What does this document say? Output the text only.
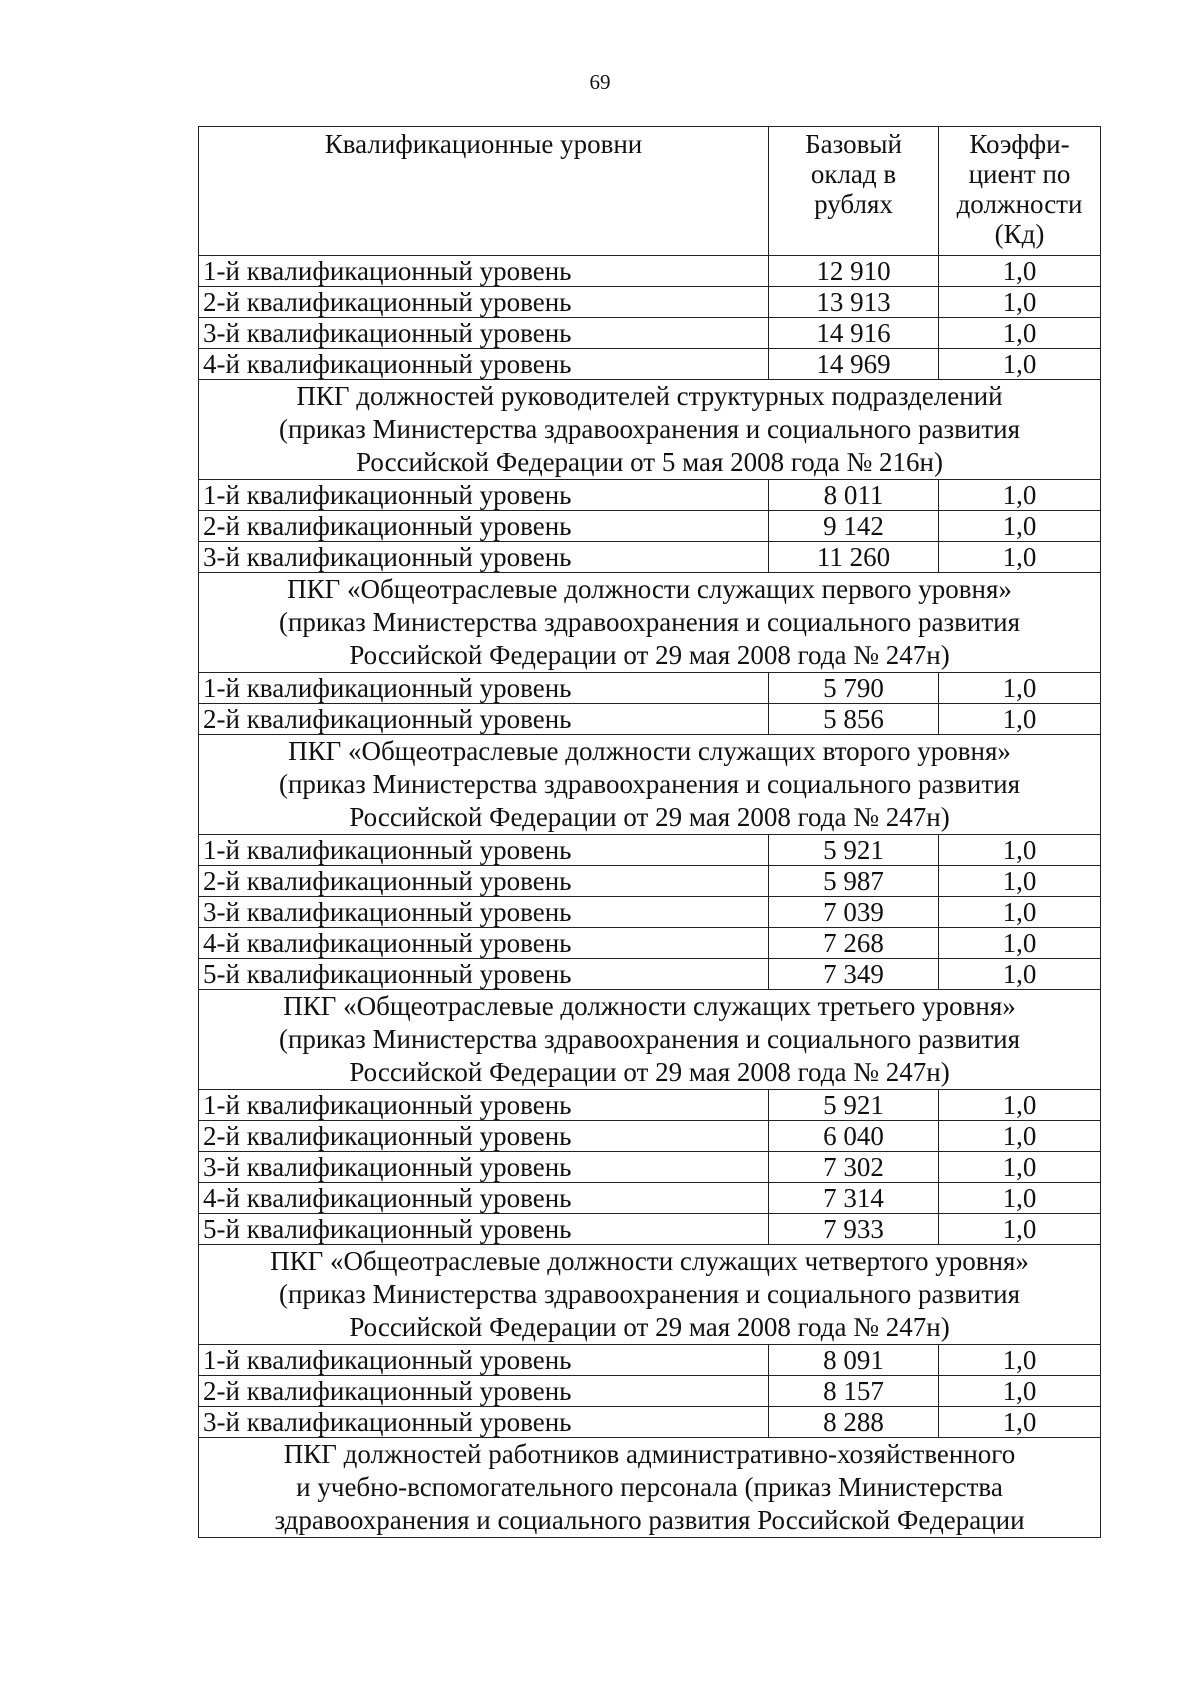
69
Квалификационные уровни	Базовый оклад в рублях	Коэффи-циент по должности (Кд)
1-й квалификационный уровень	12 910	1,0
2-й квалификационный уровень	13 913	1,0
3-й квалификационный уровень	14 916	1,0
4-й квалификационный уровень	14 969	1,0

ПКГ должностей руководителей структурных подразделений
(приказ Министерства здравоохранения и социального развития
Российской Федерации от 5 мая 2008 года № 216н)		

1-й квалификационный уровень	8 011	1,0
2-й квалификационный уровень	9 142	1,0
3-й квалификационный уровень	11 260	1,0

ПКГ «Общеотраслевые должности служащих первого уровня»
(приказ Министерства здравоохранения и социального развития
Российской Федерации от 29 мая 2008 года № 247н)		

1-й квалификационный уровень	5 790	1,0
2-й квалификационный уровень	5 856	1,0

ПКГ «Общеотраслевые должности служащих второго уровня»
(приказ Министерства здравоохранения и социального развития
Российской Федерации от 29 мая 2008 года № 247н)		

1-й квалификационный уровень	5 921	1,0
2-й квалификационный уровень	5 987	1,0
3-й квалификационный уровень	7 039	1,0
4-й квалификационный уровень	7 268	1,0
5-й квалификационный уровень	7 349	1,0

ПКГ «Общеотраслевые должности служащих третьего уровня»
(приказ Министерства здравоохранения и социального развития
Российской Федерации от 29 мая 2008 года № 247н)		

1-й квалификационный уровень	5 921	1,0
2-й квалификационный уровень	6 040	1,0
3-й квалификационный уровень	7 302	1,0
4-й квалификационный уровень	7 314	1,0
5-й квалификационный уровень	7 933	1,0

ПКГ «Общеотраслевые должности служащих четвертого уровня»
(приказ Министерства здравоохранения и социального развития
Российской Федерации от 29 мая 2008 года № 247н)		

1-й квалификационный уровень	8 091	1,0
2-й квалификационный уровень	8 157	1,0
3-й квалификационный уровень	8 288	1,0

ПКГ должностей работников административно-хозяйственного
и учебно-вспомогательного персонала (приказ Министерства
здравоохранения и социального развития Российской Федерации		
